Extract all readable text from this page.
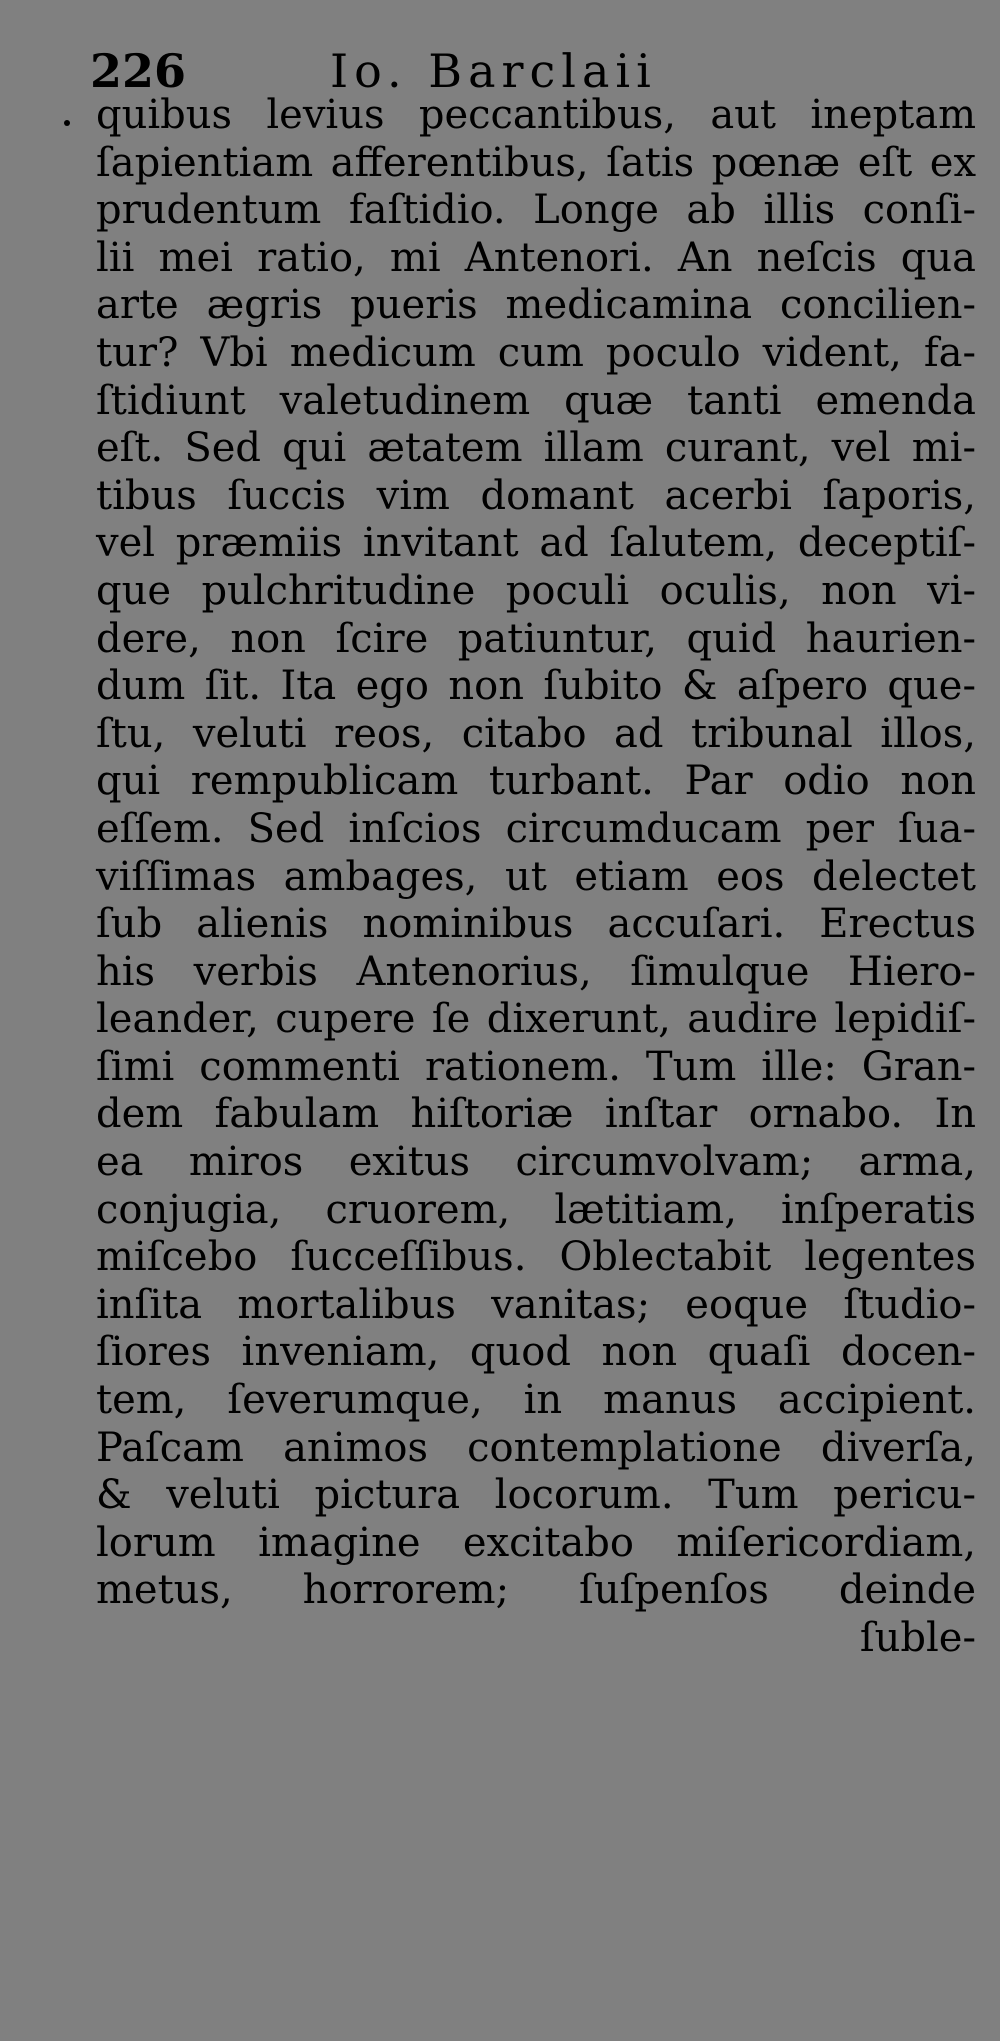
226	Io. Barclaii
quibus levius peccantibus, aut ineptam
ſapientiam afferentibus, ſatis pœnæ eſt ex
prudentum faſtidio. Longe ab illis conſi-
lii mei ratio, mi Antenori. An neſcis qua
arte ægris pueris medicamina concilien-
tur? Vbi medicum cum poculo vident, fa-
ſtidiunt valetudinem quæ tanti emenda
eſt. Sed qui ætatem illam curant, vel mi-
tibus ſuccis vim domant acerbi ſaporis,
vel præmiis invitant ad ſalutem, deceptiſ-
que pulchritudine poculi oculis, non vi-
dere, non ſcire patiuntur, quid haurien-
dum ſit. Ita ego non ſubito & aſpero que-
ſtu, veluti reos, citabo ad tribunal illos,
qui rempublicam turbant. Par odio non
eſſem. Sed inſcios circumducam per ſua-
viſſimas ambages, ut etiam eos delectet
ſub alienis nominibus accuſari. Erectus
his verbis Antenorius, ſimulque Hiero-
leander, cupere ſe dixerunt, audire lepidiſ-
ſimi commenti rationem. Tum ille: Gran-
dem fabulam hiſtoriæ inſtar ornabo. In
ea miros exitus circumvolvam; arma,
conjugia, cruorem, lætitiam, inſperatis
miſcebo ſucceſſibus. Oblectabit legentes
inſita mortalibus vanitas; eoque ſtudio-
ſiores inveniam, quod non quaſi docen-
tem, ſeverumque, in manus accipient.
Paſcam animos contemplatione diverſa,
& veluti pictura locorum. Tum pericu-
lorum imagine excitabo miſericordiam,
metus, horrorem; ſuſpenſos deinde
ſuble-
